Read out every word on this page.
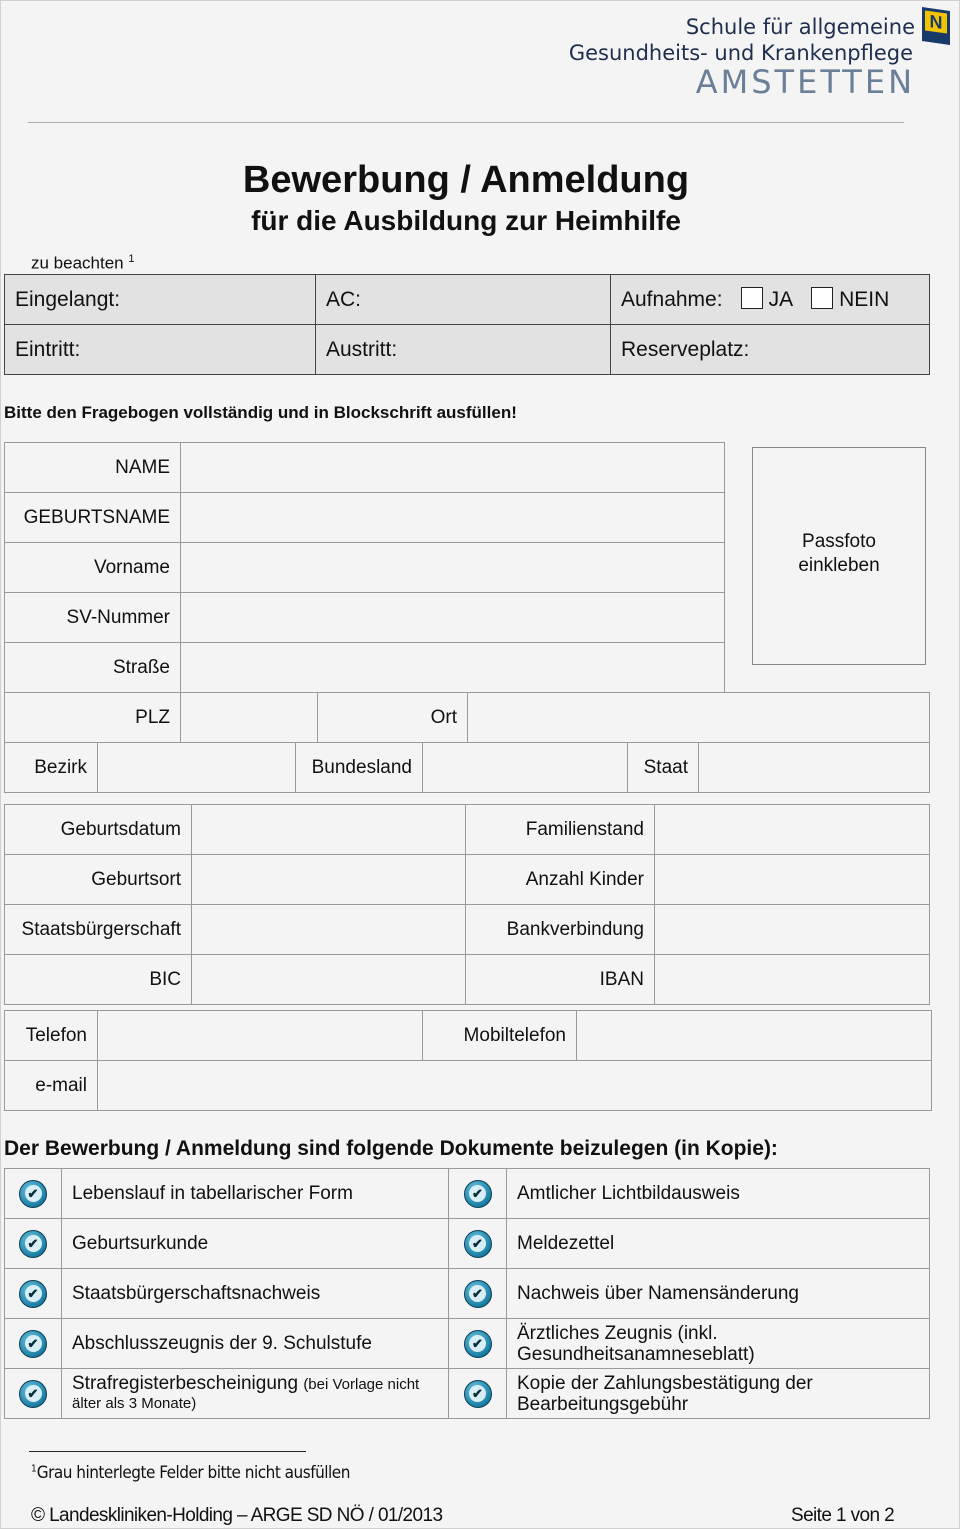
Schule für allgemeine
Gesundheits- und Krankenpflege
AMSTETTEN
N
Bewerbung / Anmeldung
für die Ausbildung zur Heimhilfe
zu beachten $^1$
Eingelangt:	AC:	Aufnahme: JA NEIN
Eintritt:	Austritt:	Reserveplatz:
Bitte den Fragebogen vollständig und in Blockschrift ausfüllen!
NAME	
GEBURTSNAME	
Vorname	
SV-Nummer	
Straße	
Passfoto
einkleben
PLZ		Ort	
Bezirk		Bundesland		Staat	
Geburtsdatum		Familienstand	
Geburtsort		Anzahl Kinder	
Staatsbürgerschaft		Bankverbindung	
BIC		IBAN	
Telefon		Mobiltelefon	
e-mail			
Der Bewerbung / Anmeldung sind folgende Dokumente beizulegen (in Kopie):
✔	Lebenslauf in tabellarischer Form	✔	Amtlicher Lichtbildausweis

✔	Geburtsurkunde	✔	Meldezettel

✔	Staatsbürgerschaftsnachweis	✔	Nachweis über Namensänderung

✔	Abschlusszeugnis der 9. Schulstufe	✔	Ärztliches Zeugnis (inkl. Gesundheitsanamneseblatt)

✔	Strafregisterbescheinigung (bei Vorlage nicht älter als 3 Monate)	✔	Kopie der Zahlungsbestätigung der Bearbeitungsgebühr
$^1$Grau hinterlegte Felder bitte nicht ausfüllen
© Landeskliniken-Holding – ARGE SD NÖ / 01/2013	Seite 1 von 2
